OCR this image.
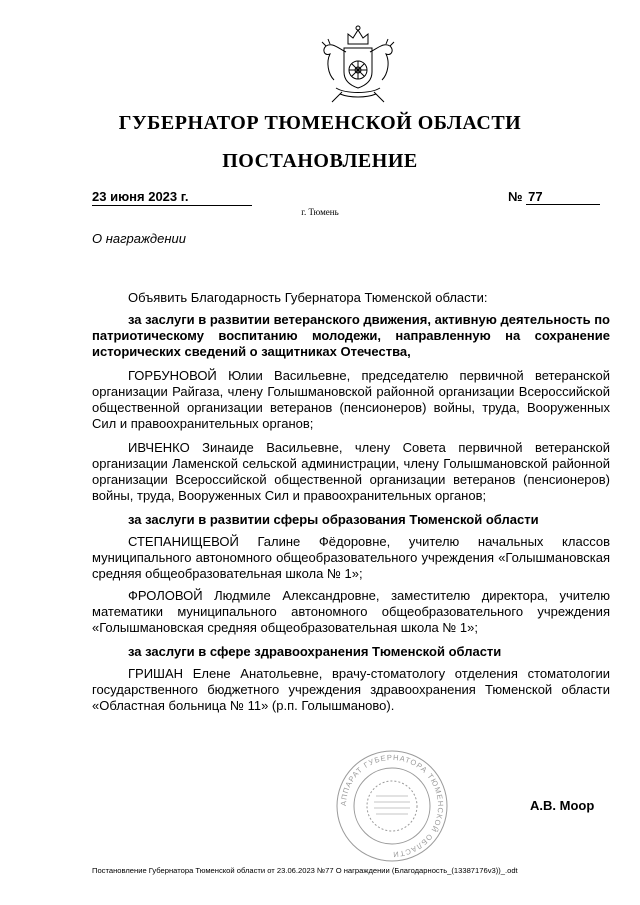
ГУБЕРНАТОР ТЮМЕНСКОЙ ОБЛАСТИ
ПОСТАНОВЛЕНИЕ
23 июня 2023 г.	№ 77
г. Тюмень
О награждении

Объявить Благодарность Губернатора Тюменской области:

за заслуги в развитии ветеранского движения, активную деятельность по патриотическому воспитанию молодежи, направленную на сохранение исторических сведений о защитниках Отечества,

ГОРБУНОВОЙ Юлии Васильевне, председателю первичной ветеранской организации Райгаза, члену Голышмановской районной организации Всероссийской общественной организации ветеранов (пенсионеров) войны, труда, Вооруженных Сил и правоохранительных органов;

ИВЧЕНКО Зинаиде Васильевне, члену Совета первичной ветеранской организации Ламенской сельской администрации, члену Голышмановской районной организации Всероссийской общественной организации ветеранов (пенсионеров) войны, труда, Вооруженных Сил и правоохранительных органов;

за заслуги в развитии сферы образования Тюменской области

СТЕПАНИЩЕВОЙ Галине Фёдоровне, учителю начальных классов муниципального автономного общеобразовательного учреждения «Голышмановская средняя общеобразовательная школа № 1»;

ФРОЛОВОЙ Людмиле Александровне, заместителю директора, учителю математики муниципального автономного общеобразовательного учреждения «Голышмановская средняя общеобразовательная школа № 1»;

за заслуги в сфере здравоохранения Тюменской области

ГРИШАН Елене Анатольевне, врачу-стоматологу отделения стоматологии государственного бюджетного учреждения здравоохранения Тюменской области «Областная больница № 11» (р.п. Голышманово).

АППАРАТ ГУБЕРНАТОРА ТЮМЕНСКОЙ ОБЛАСТИ
А.В. Моор
Постановление Губернатора Тюменской области от 23.06.2023 №77 О награждении (Благодарность_(13387176v3))_.odt
